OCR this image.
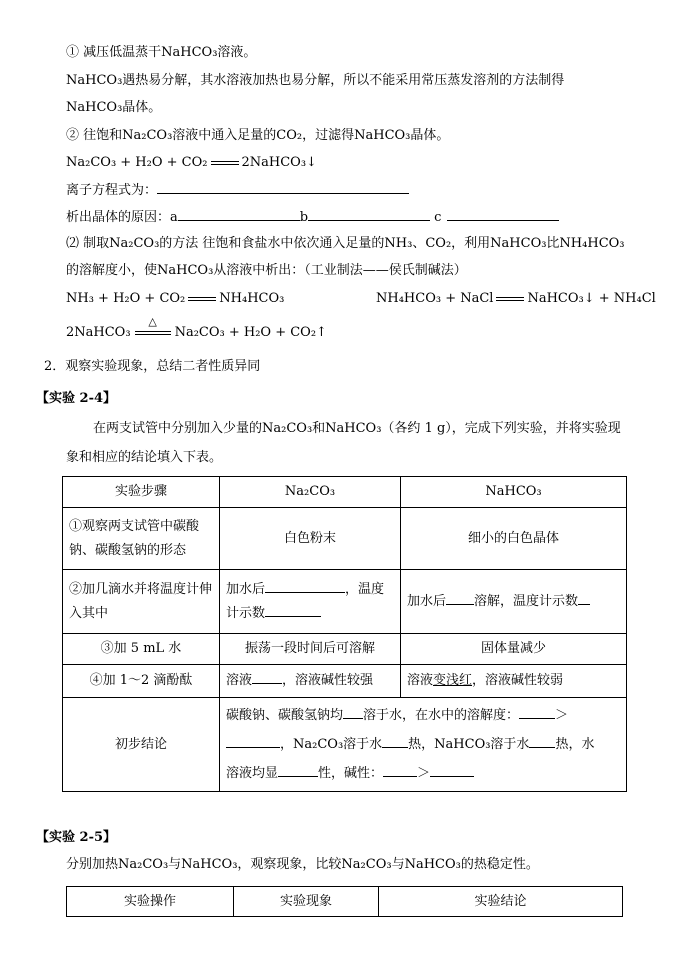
① 减压低温蒸干NaHCO₃溶液。
NaHCO₃遇热易分解，其水溶液加热也易分解，所以不能采用常压蒸发溶剂的方法制得
NaHCO₃晶体。
② 往饱和Na₂CO₃溶液中通入足量的CO₂，过滤得NaHCO₃晶体。
Na₂CO₃ + H₂O + CO₂	2NaHCO₃↓
离子方程式为：
析出晶体的原因：a	b	c
⑵ 制取Na₂CO₃的方法 往饱和食盐水中依次通入足量的NH₃、CO₂，利用NaHCO₃比NH₄HCO₃
的溶解度小，使NaHCO₃从溶液中析出：（工业制法——侯氏制碱法）
NH₃ + H₂O + CO₂	NH₄HCO₃	NH₄HCO₃ + NaCl	NaHCO₃↓ + NH₄Cl
2NaHCO₃
△
Na₂CO₃ + H₂O + CO₂↑
2．观察实验现象，总结二者性质异同
【实验 2-4】
在两支试管中分别加入少量的Na₂CO₃和NaHCO₃（各约 1 g），完成下列实验，并将实验现
象和相应的结论填入下表。
实验步骤	Na₂CO₃	NaHCO₃
①观察两支试管中碳酸钠、碳酸氢钠的形态	白色粉末	细小的白色晶体
②加几滴水并将温度计伸入其中	加水后 ，温度
计示数	加水后 溶解，温度计示数
③加 5 mL 水	振荡一段时间后可溶解	固体量减少
④加 1～2 滴酚酞	溶液 ，溶液碱性较强	溶液变浅红，溶液碱性较弱
初步结论	碳酸钠、碳酸氢钠均 溶于水，在水中的溶解度： ＞
，Na₂CO₃溶于水 热，NaHCO₃溶于水 热，水
溶液均显 性，碱性： ＞	
【实验 2-5】
分别加热Na₂CO₃与NaHCO₃，观察现象，比较Na₂CO₃与NaHCO₃的热稳定性。
实验操作	实验现象	实验结论
